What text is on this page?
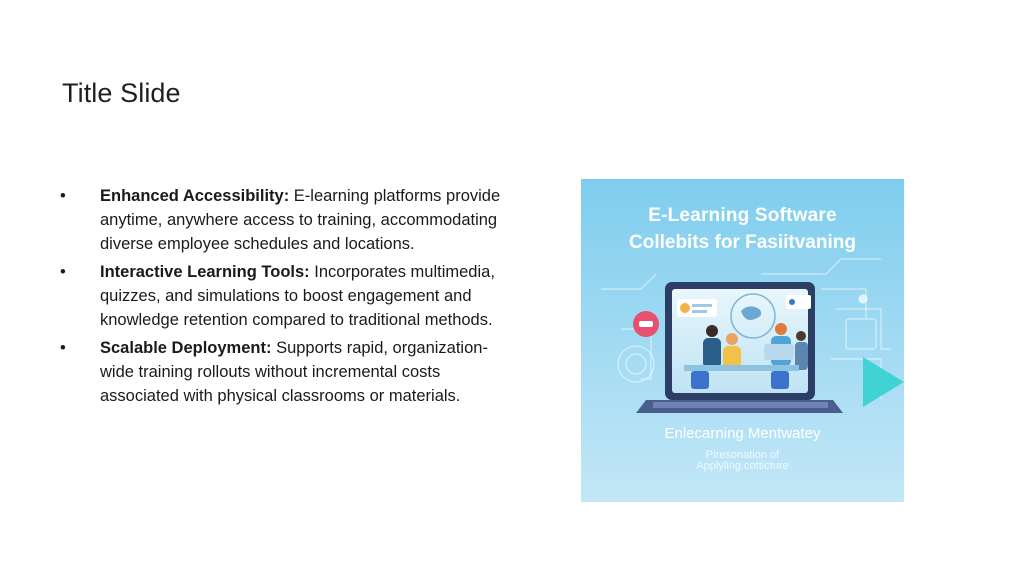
Title Slide
•	Enhanced Accessibility: E-learning platforms provide anytime, anywhere access to training, accommodating diverse employee schedules and locations.
•	Interactive Learning Tools: Incorporates multimedia, quizzes, and simulations to boost engagement and knowledge retention compared to traditional methods.
•	Scalable Deployment: Supports rapid, organization-wide training rollouts without incremental costs associated with physical classrooms or materials.
E-Learning Software
Collebits for Fasiitvaning
Enlecarning Mentwatey
Piresonation of
Applyling cotticture
